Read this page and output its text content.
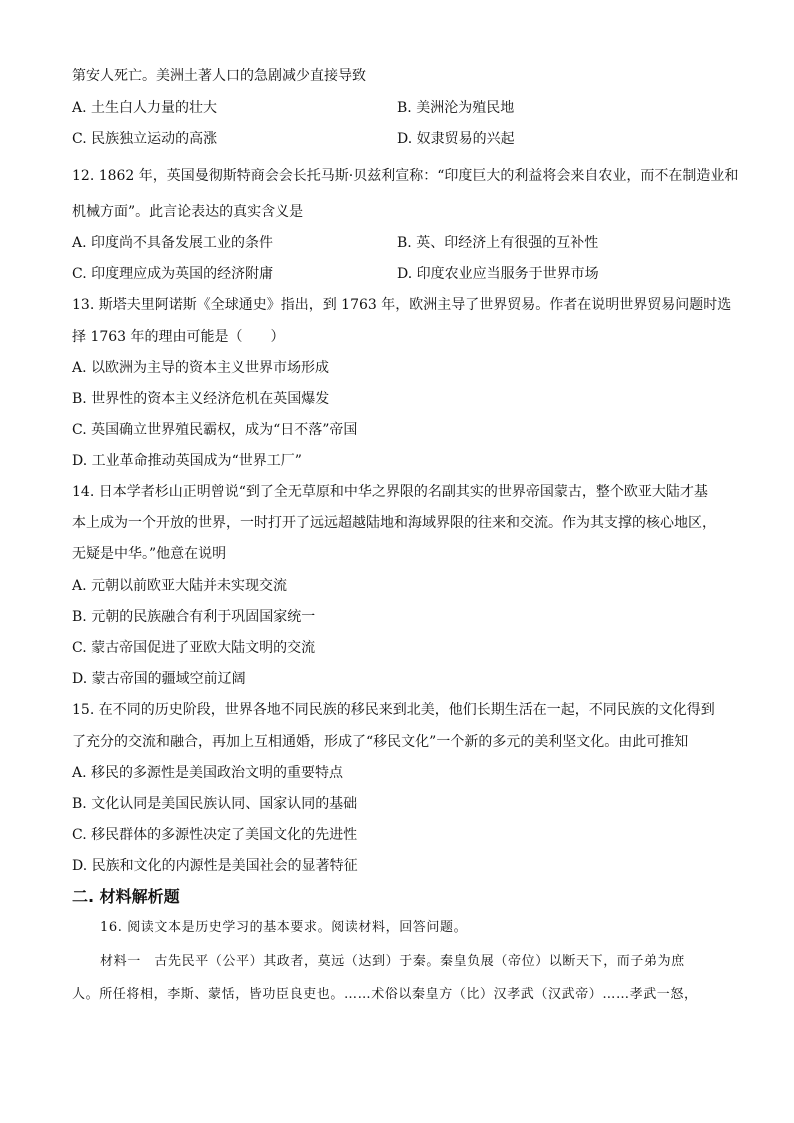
第安人死亡。美洲土著人口的急剧减少直接导致
A. 土生白人力量的壮大	B. 美洲沦为殖民地
C. 民族独立运动的高涨	D. 奴隶贸易的兴起
12. 1862 年，英国曼彻斯特商会会长托马斯·贝兹利宣称：“印度巨大的利益将会来自农业，而不在制造业和
机械方面”。此言论表达的真实含义是
A. 印度尚不具备发展工业的条件	B. 英、印经济上有很强的互补性
C. 印度理应成为英国的经济附庸	D. 印度农业应当服务于世界市场
13. 斯塔夫里阿诺斯《全球通史》指出，到 1763 年，欧洲主导了世界贸易。作者在说明世界贸易问题时选
择 1763 年的理由可能是（　　）
A. 以欧洲为主导的资本主义世界市场形成
B. 世界性的资本主义经济危机在英国爆发
C. 英国确立世界殖民霸权，成为“日不落”帝国
D. 工业革命推动英国成为“世界工厂”
14. 日本学者杉山正明曾说“到了全无草原和中华之界限的名副其实的世界帝国蒙古，整个欧亚大陆才基
本上成为一个开放的世界，一时打开了远远超越陆地和海域界限的往来和交流。作为其支撑的核心地区，
无疑是中华。”他意在说明
A. 元朝以前欧亚大陆并未实现交流
B. 元朝的民族融合有利于巩固国家统一
C. 蒙古帝国促进了亚欧大陆文明的交流
D. 蒙古帝国的疆域空前辽阔
15. 在不同的历史阶段，世界各地不同民族的移民来到北美，他们长期生活在一起，不同民族的文化得到
了充分的交流和融合，再加上互相通婚，形成了“移民文化”一个新的多元的美利坚文化。由此可推知
A. 移民的多源性是美国政治文明的重要特点
B. 文化认同是美国民族认同、国家认同的基础
C. 移民群体的多源性决定了美国文化的先进性
D. 民族和文化的内源性是美国社会的显著特征
二. 材料解析题
16. 阅读文本是历史学习的基本要求。阅读材料，回答问题。
材料一　古先民平（公平）其政者，莫远（达到）于秦。秦皇负展（帝位）以断天下，而子弟为庶
人。所任将相，李斯、蒙恬，皆功臣良吏也。……术俗以秦皇方（比）汉孝武（汉武帝）……孝武一怒，
